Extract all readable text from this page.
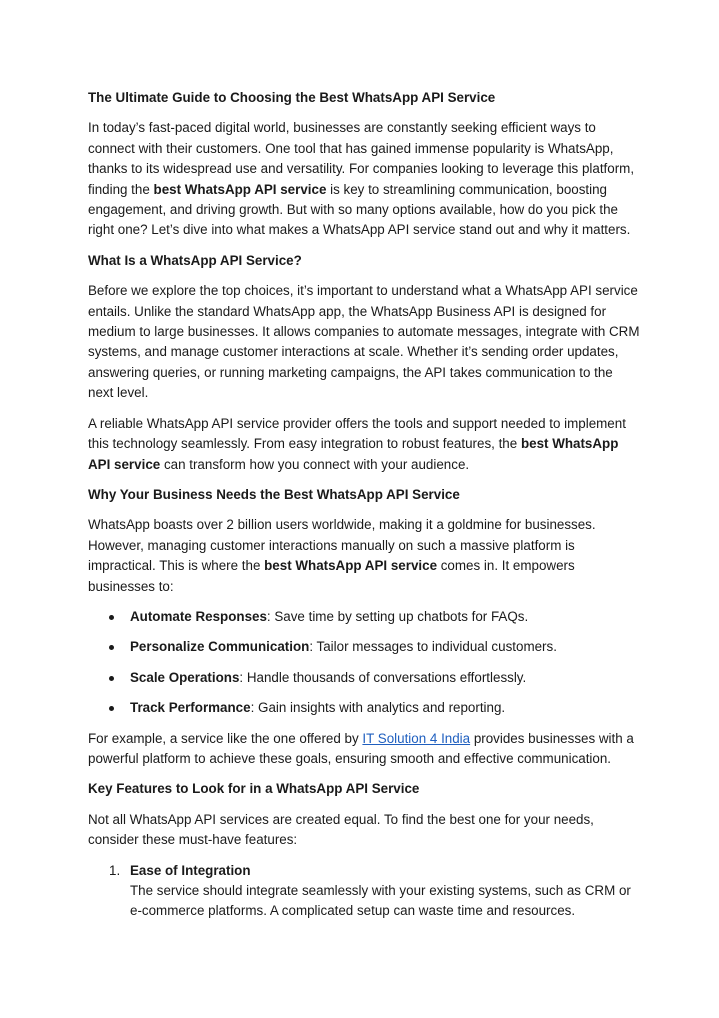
The Ultimate Guide to Choosing the Best WhatsApp API Service

In today’s fast-paced digital world, businesses are constantly seeking efficient ways to connect with their customers. One tool that has gained immense popularity is WhatsApp, thanks to its widespread use and versatility. For companies looking to leverage this platform, finding the best WhatsApp API service is key to streamlining communication, boosting engagement, and driving growth. But with so many options available, how do you pick the right one? Let’s dive into what makes a WhatsApp API service stand out and why it matters.

What Is a WhatsApp API Service?

Before we explore the top choices, it’s important to understand what a WhatsApp API service entails. Unlike the standard WhatsApp app, the WhatsApp Business API is designed for medium to large businesses. It allows companies to automate messages, integrate with CRM systems, and manage customer interactions at scale. Whether it’s sending order updates, answering queries, or running marketing campaigns, the API takes communication to the next level.

A reliable WhatsApp API service provider offers the tools and support needed to implement this technology seamlessly. From easy integration to robust features, the best WhatsApp API service can transform how you connect with your audience.

Why Your Business Needs the Best WhatsApp API Service

WhatsApp boasts over 2 billion users worldwide, making it a goldmine for businesses. However, managing customer interactions manually on such a massive platform is impractical. This is where the best WhatsApp API service comes in. It empowers businesses to:

Automate Responses: Save time by setting up chatbots for FAQs.
Personalize Communication: Tailor messages to individual customers.
Scale Operations: Handle thousands of conversations effortlessly.
Track Performance: Gain insights with analytics and reporting.

For example, a service like the one offered by IT Solution 4 India provides businesses with a powerful platform to achieve these goals, ensuring smooth and effective communication.

Key Features to Look for in a WhatsApp API Service

Not all WhatsApp API services are created equal. To find the best one for your needs, consider these must-have features:

1. Ease of Integration
The service should integrate seamlessly with your existing systems, such as CRM or e-commerce platforms. A complicated setup can waste time and resources.
